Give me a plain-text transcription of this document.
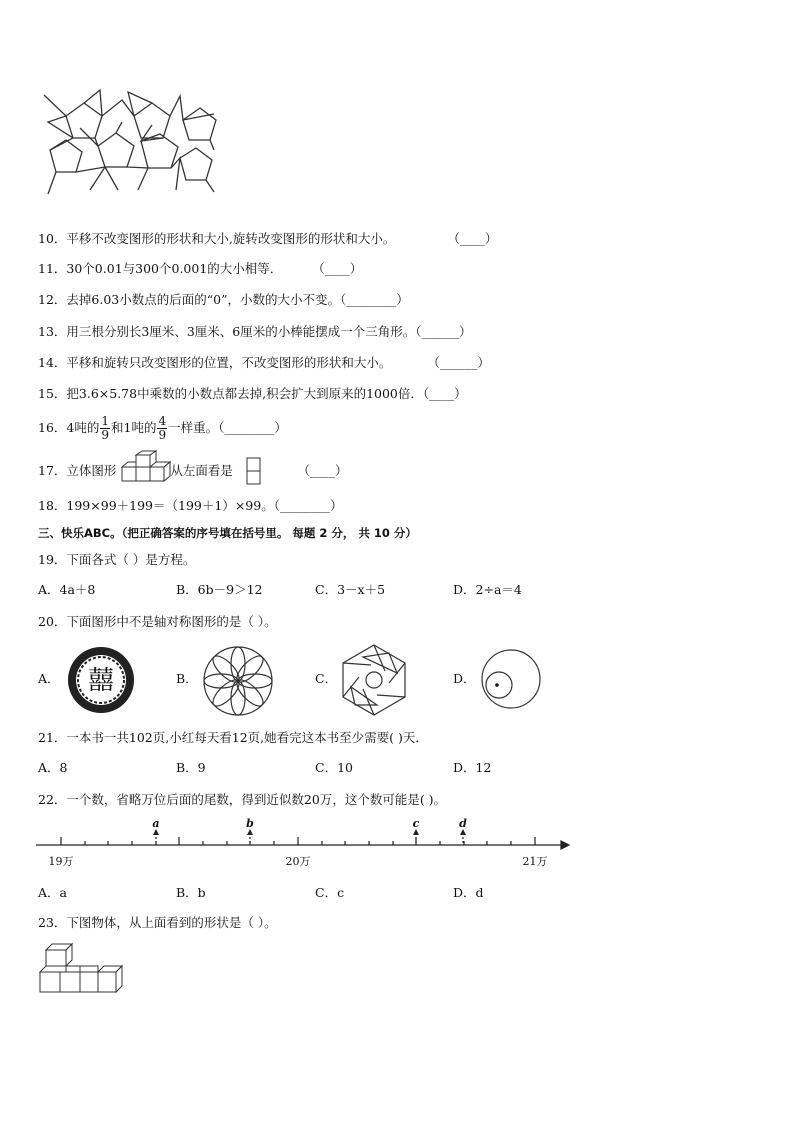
10．平移不改变图形的形状和大小,旋转改变图形的形状和大小。	（____）
11．30个0.01与300个0.001的大小相等． （____）
12．去掉6.03小数点的后面的“0”，小数的大小不变。（________）
13．用三根分别长3厘米、3厘米、6厘米的小棒能摆成一个三角形。（______）
14．平移和旋转只改变图形的位置，不改变图形的形状和大小。	（______）
15．把3.6×5.78中乘数的小数点都去掉,积会扩大到原来的1000倍．（____）
16．4吨的 $\frac{1}{9}$ 和1吨的 $\frac{4}{9}$ 一样重。（________）
17．立体图形	从左面看是	（____）
18．199×99＋199＝（199＋1）×99。（________）
三、快乐ABC。（把正确答案的序号填在括号里。 每题 2 分， 共 10 分）
19．下面各式（ ）是方程。
A．4a＋8	B．6b－9＞12	C．3－x＋5	D．2÷a＝4
20．下面图形中不是轴对称图形的是（ ）。
A．	B．	C．	D．
囍
21．一本书一共102页,小红每天看12页,她看完这本书至少需要( )天．
A．8	B．9	C．10	D．12
22．一个数，省略万位后面的尾数，得到近似数20万，这个数可能是( )。
a	b	c	d
19万	20万	21万
A．a	B．b	C．c	D．d
23．下图物体，从上面看到的形状是（ ）。
